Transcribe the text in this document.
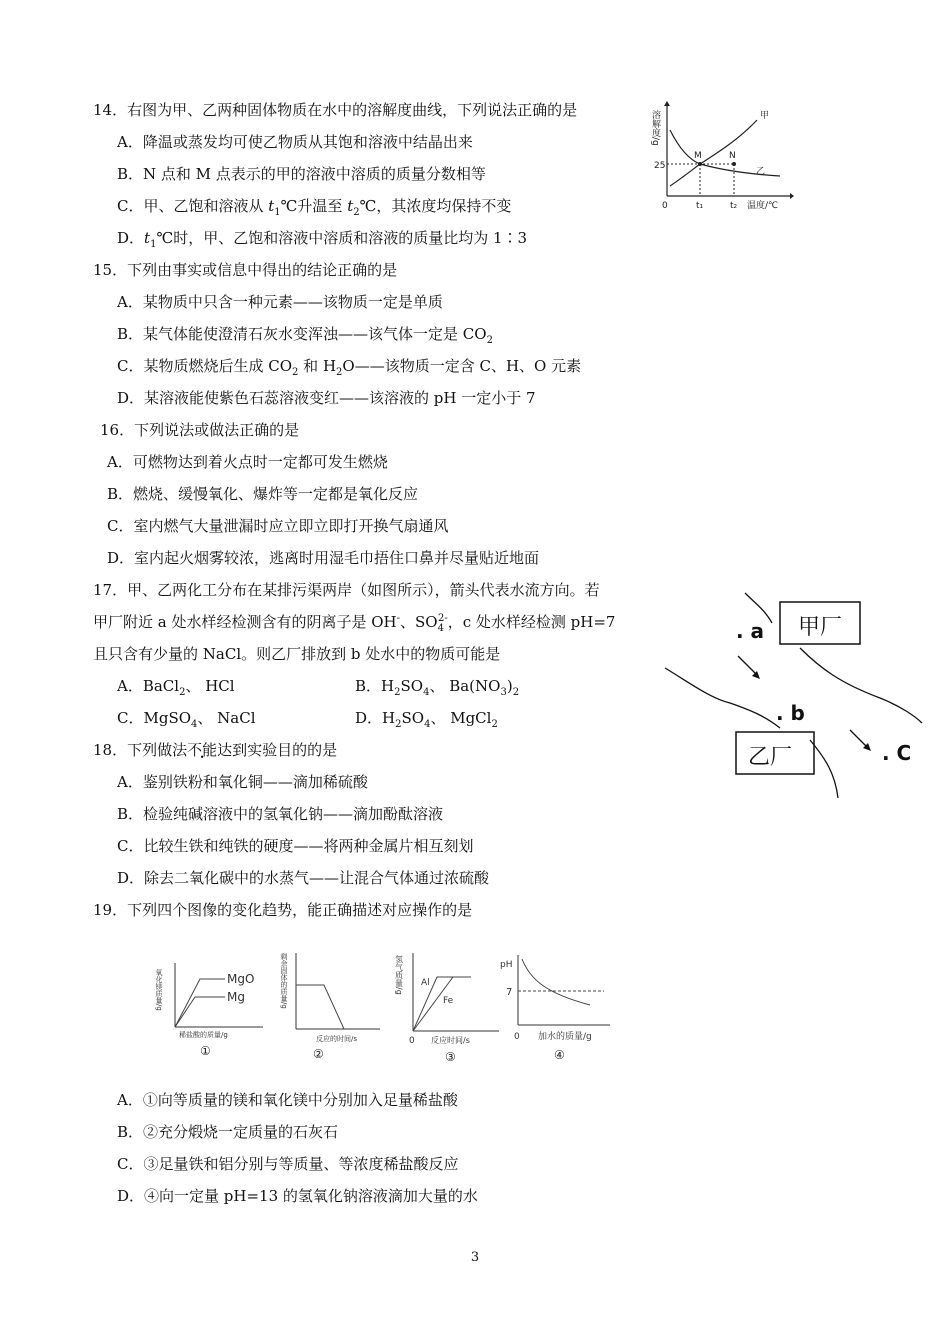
14．右图为甲、乙两种固体物质在水中的溶解度曲线，下列说法正确的是
A．降温或蒸发均可使乙物质从其饱和溶液中结晶出来
B．N 点和 M 点表示的甲的溶液中溶质的质量分数相等
C．甲、乙饱和溶液从 $t_1℃$升温至 $t_2℃$，其浓度均保持不变
D．$t_1℃$时，甲、乙饱和溶液中溶质和溶液的质量比均为 1∶3
溶解度/g
25
0	t₁	t₂ 温度/℃
M	N
甲
乙
15．下列由事实或信息中得出的结论正确的是
A．某物质中只含一种元素——该物质一定是单质
B．某气体能使澄清石灰水变浑浊——该气体一定是 $CO_2$
C．某物质燃烧后生成 $CO_2$ 和 $H_2O——$该物质一定含 C、H、O 元素
D．某溶液能使紫色石蕊溶液变红——该溶液的 pH 一定小于 7
16．下列说法或做法正确的是
A．可燃物达到着火点时一定都可发生燃烧
B．燃烧、缓慢氧化、爆炸等一定都是氧化反应
C．室内燃气大量泄漏时应立即立即打开换气扇通风
D．室内起火烟雾较浓，逃离时用湿毛巾捂住口鼻并尽量贴近地面
17．甲、乙两化工分布在某排污渠两岸（如图所示），箭头代表水流方向。若
甲厂附近 a 处水样经检测含有的阴离子是 OH-、$SO_4^{2-}$，c 处水样经检测 pH=7
且只含有少量的 NaCl。则乙厂排放到 b 处水中的物质可能是
A．BaCl$_2$、 HCl	B．$H_2SO_4$、 $Ba(NO_3)_2$
C．MgSO$_4$、 NaCl	D．$H_2SO_4$、 MgCl$_2$
甲厂
乙厂
. a
. b
. C
18．下列做法不能达到实验目的的是
A．鉴别铁粉和氧化铜——滴加稀硫酸
B．检验纯碱溶液中的氢氧化钠——滴加酚酞溶液
C．比较生铁和纯铁的硬度——将两种金属片相互刻划
D．除去二氧化碳中的水蒸气——让混合气体通过浓硫酸
19．下列四个图像的变化趋势，能正确描述对应操作的是
氧化镁质量/g	MgO
Mg
稀盐酸的质量/g
①
剩余固体的质量/g
反应的时间/s
②
氢气质量/g Al
Fe
0 反应时间/s
③
pH
7
0 加水的质量/g
④
A．①向等质量的镁和氧化镁中分别加入足量稀盐酸
B．②充分煅烧一定质量的石灰石
C．③足量铁和铝分别与等质量、等浓度稀盐酸反应
D．④向一定量 pH=13 的氢氧化钠溶液滴加大量的水
3
